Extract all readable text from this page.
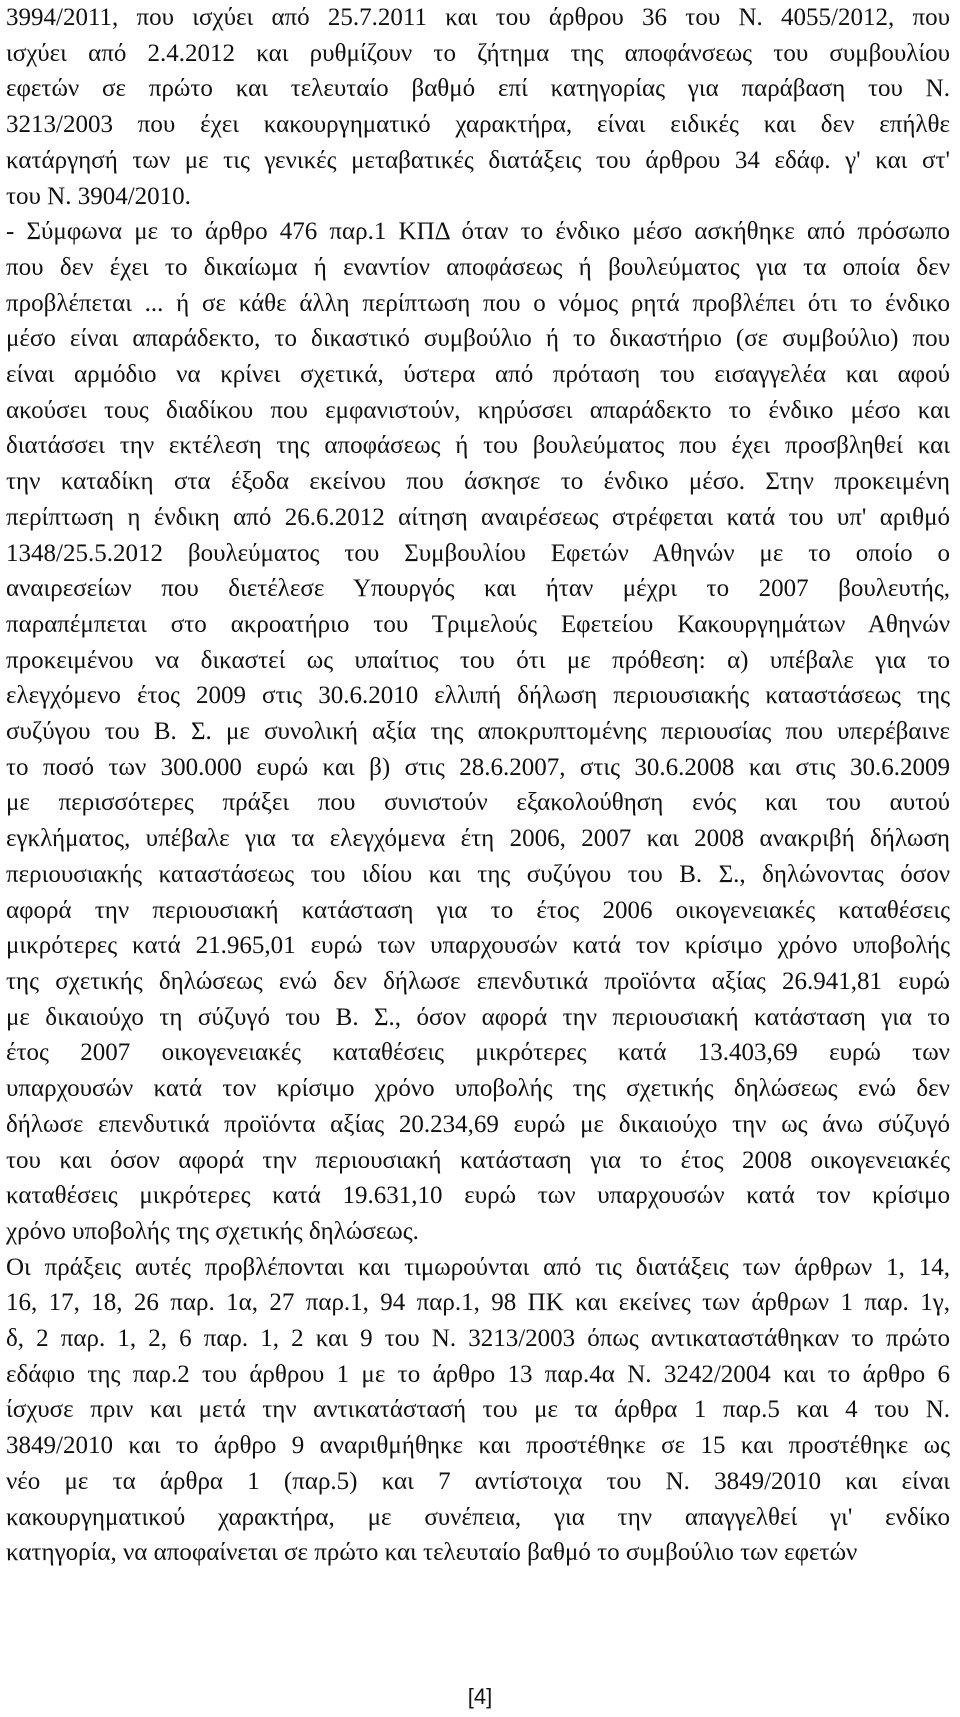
3994/2011, που ισχύει από 25.7.2011 και του άρθρου 36 του Ν. 4055/2012, που
ισχύει από 2.4.2012 και ρυθμίζουν το ζήτημα της αποφάνσεως του συμβουλίου
εφετών σε πρώτο και τελευταίο βαθμό επί κατηγορίας για παράβαση του Ν.
3213/2003 που έχει κακουργηματικό χαρακτήρα, είναι ειδικές και δεν επήλθε
κατάργησή των με τις γενικές μεταβατικές διατάξεις του άρθρου 34 εδάφ. γ' και στ'
του Ν. 3904/2010.

- Σύμφωνα με το άρθρο 476 παρ.1 ΚΠΔ όταν το ένδικο μέσο ασκήθηκε από πρόσωπο
που δεν έχει το δικαίωμα ή εναντίον αποφάσεως ή βουλεύματος για τα οποία δεν
προβλέπεται ... ή σε κάθε άλλη περίπτωση που ο νόμος ρητά προβλέπει ότι το ένδικο
μέσο είναι απαράδεκτο, το δικαστικό συμβούλιο ή το δικαστήριο (σε συμβούλιο) που
είναι αρμόδιο να κρίνει σχετικά, ύστερα από πρόταση του εισαγγελέα και αφού
ακούσει τους διαδίκου που εμφανιστούν, κηρύσσει απαράδεκτο το ένδικο μέσο και
διατάσσει την εκτέλεση της αποφάσεως ή του βουλεύματος που έχει προσβληθεί και
την καταδίκη στα έξοδα εκείνου που άσκησε το ένδικο μέσο. Στην προκειμένη
περίπτωση η ένδικη από 26.6.2012 αίτηση αναιρέσεως στρέφεται κατά του υπ' αριθμό
1348/25.5.2012 βουλεύματος του Συμβουλίου Εφετών Αθηνών με το οποίο ο
αναιρεσείων που διετέλεσε Υπουργός και ήταν μέχρι το 2007 βουλευτής,
παραπέμπεται στο ακροατήριο του Τριμελούς Εφετείου Κακουργημάτων Αθηνών
προκειμένου να δικαστεί ως υπαίτιος του ότι με πρόθεση: α) υπέβαλε για το
ελεγχόμενο έτος 2009 στις 30.6.2010 ελλιπή δήλωση περιουσιακής καταστάσεως της
συζύγου του Β. Σ. με συνολική αξία της αποκρυπτομένης περιουσίας που υπερέβαινε
το ποσό των 300.000 ευρώ και β) στις 28.6.2007, στις 30.6.2008 και στις 30.6.2009
με περισσότερες πράξει που συνιστούν εξακολούθηση ενός και του αυτού
εγκλήματος, υπέβαλε για τα ελεγχόμενα έτη 2006, 2007 και 2008 ανακριβή δήλωση
περιουσιακής καταστάσεως του ιδίου και της συζύγου του Β. Σ., δηλώνοντας όσον
αφορά την περιουσιακή κατάσταση για το έτος 2006 οικογενειακές καταθέσεις
μικρότερες κατά 21.965,01 ευρώ των υπαρχουσών κατά τον κρίσιμο χρόνο υποβολής
της σχετικής δηλώσεως ενώ δεν δήλωσε επενδυτικά προϊόντα αξίας 26.941,81 ευρώ
με δικαιούχο τη σύζυγό του Β. Σ., όσον αφορά την περιουσιακή κατάσταση για το
έτος 2007 οικογενειακές καταθέσεις μικρότερες κατά 13.403,69 ευρώ των
υπαρχουσών κατά τον κρίσιμο χρόνο υποβολής της σχετικής δηλώσεως ενώ δεν
δήλωσε επενδυτικά προϊόντα αξίας 20.234,69 ευρώ με δικαιούχο την ως άνω σύζυγό
του και όσον αφορά την περιουσιακή κατάσταση για το έτος 2008 οικογενειακές
καταθέσεις μικρότερες κατά 19.631,10 ευρώ των υπαρχουσών κατά τον κρίσιμο
χρόνο υποβολής της σχετικής δηλώσεως.

Οι πράξεις αυτές προβλέπονται και τιμωρούνται από τις διατάξεις των άρθρων 1, 14,
16, 17, 18, 26 παρ. 1α, 27 παρ.1, 94 παρ.1, 98 ΠΚ και εκείνες των άρθρων 1 παρ. 1γ,
δ, 2 παρ. 1, 2, 6 παρ. 1, 2 και 9 του Ν. 3213/2003 όπως αντικαταστάθηκαν το πρώτο
εδάφιο της παρ.2 του άρθρου 1 με το άρθρο 13 παρ.4α Ν. 3242/2004 και το άρθρο 6
ίσχυσε πριν και μετά την αντικατάστασή του με τα άρθρα 1 παρ.5 και 4 του Ν.
3849/2010 και το άρθρο 9 αναριθμήθηκε και προστέθηκε σε 15 και προστέθηκε ως
νέο με τα άρθρα 1 (παρ.5) και 7 αντίστοιχα του Ν. 3849/2010 και είναι
κακουργηματικού χαρακτήρα, με συνέπεια, για την απαγγελθεί γι' ενδίκο
κατηγορία, να αποφαίνεται σε πρώτο και τελευταίο βαθμό το συμβούλιο των εφετών

[4]
